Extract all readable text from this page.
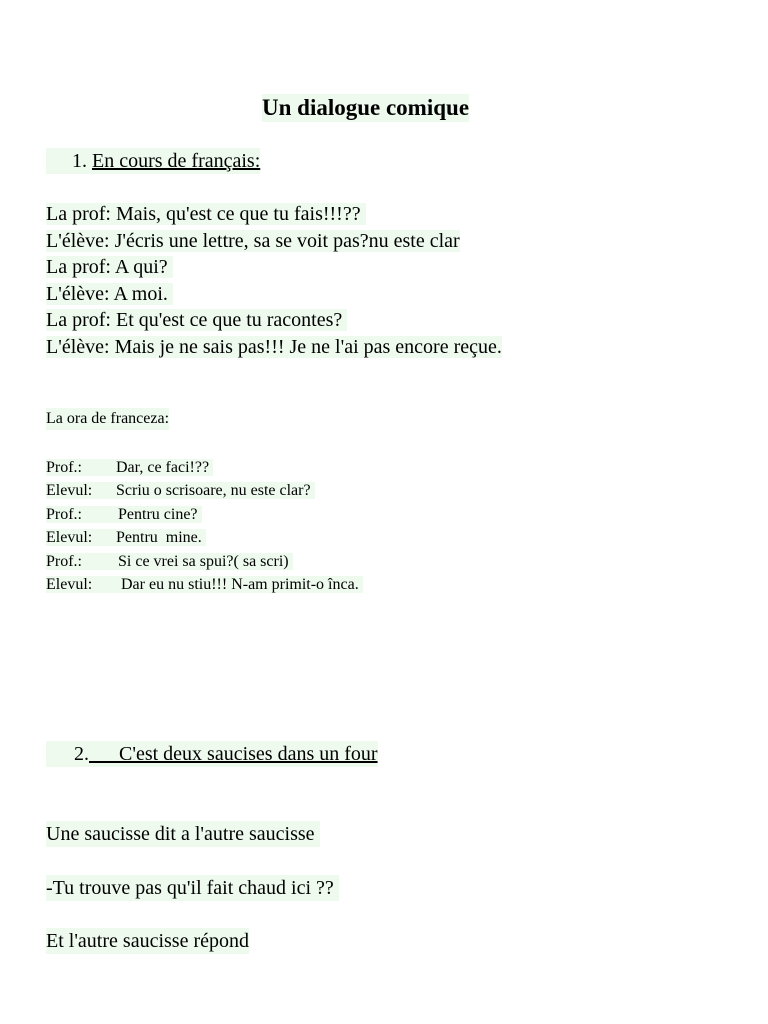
Un dialogue comique
1. En cours de français:
La prof: Mais, qu'est ce que tu fais!!!??
L'élève: J'écris une lettre, sa se voit pas?nu este clar
La prof: A qui?
L'élève: A moi.
La prof: Et qu'est ce que tu racontes?
L'élève: Mais je ne sais pas!!! Je ne l'ai pas encore reçue.
La ora de franceza:
Prof.: Dar, ce faci!??
Elevul: Scriu o scrisoare, nu este clar?
Prof.: Pentru cine?
Elevul: Pentru  mine.
Prof.: Si ce vrei sa spui?( sa scri)
Elevul: Dar eu nu stiu!!! N-am primit-o înca.
2.      C'est deux saucises dans un four
Une saucisse dit a l'autre saucisse
-Tu trouve pas qu'il fait chaud ici ??
Et l'autre saucisse répond
